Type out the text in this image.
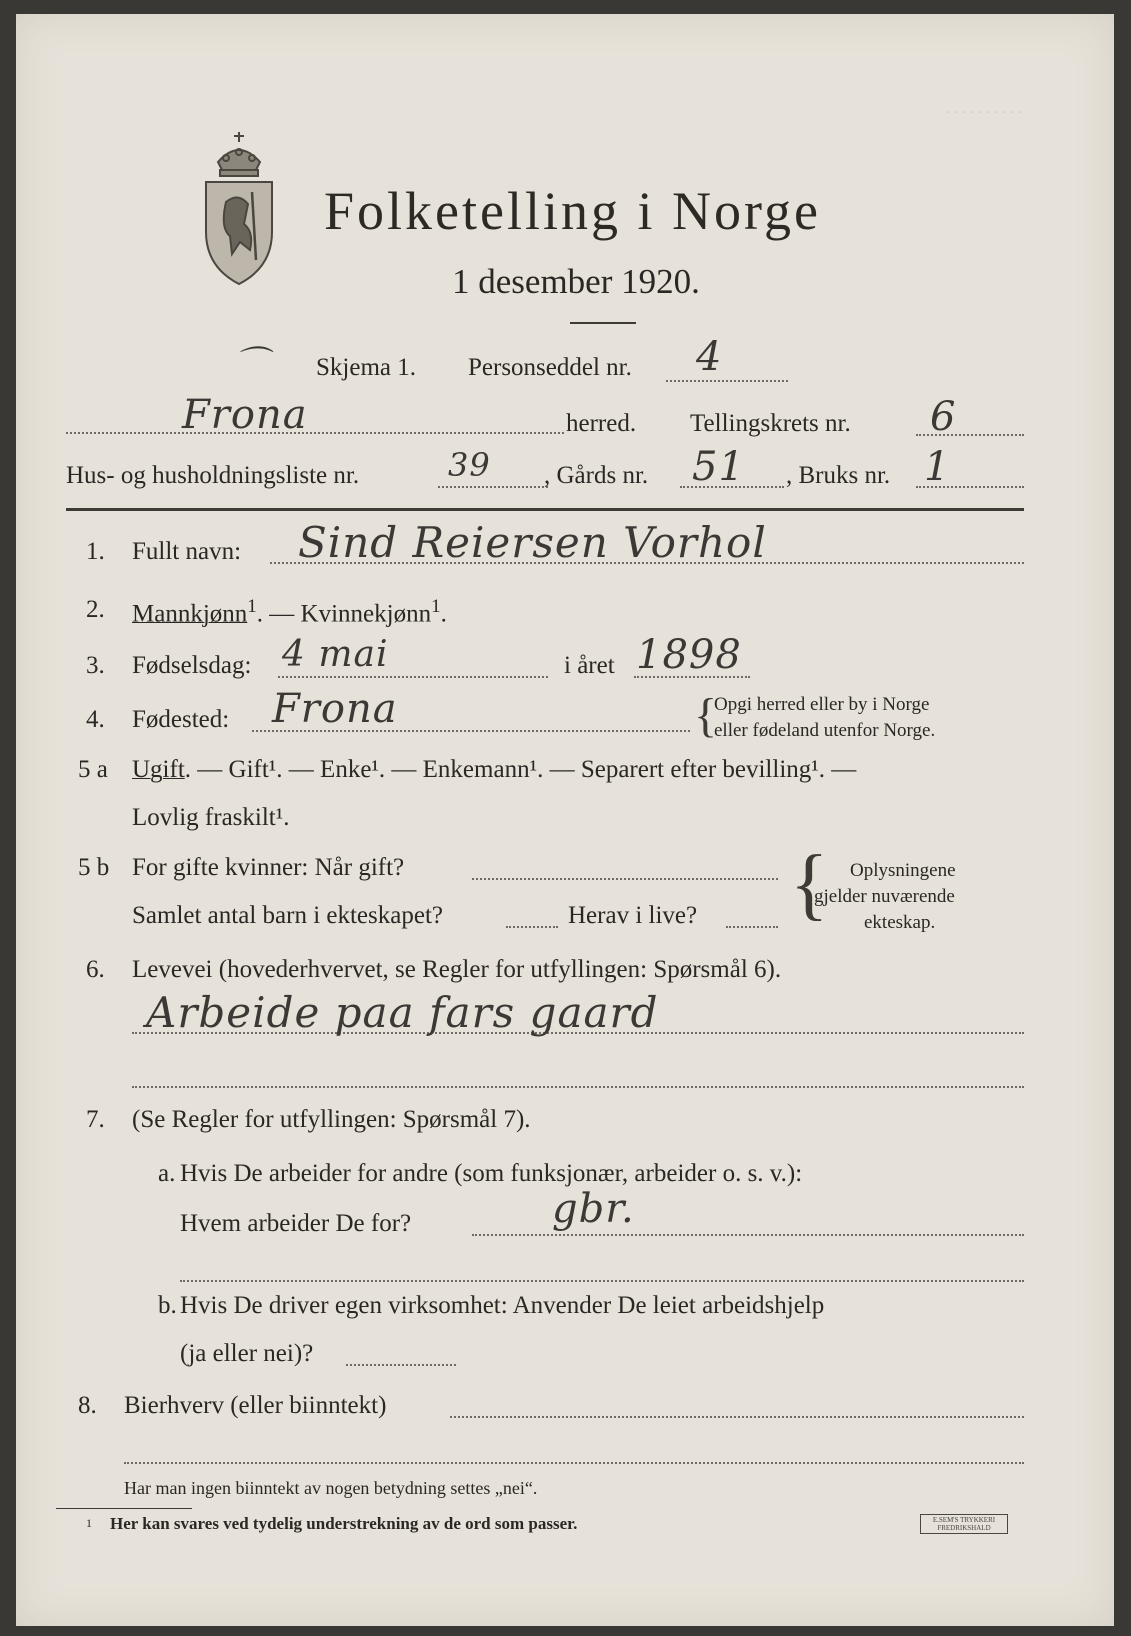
. . . . . . . . . .
Folketelling i Norge
1 desember 1920.
⌒ Skjema 1. Personseddel nr. 4
Frona	herred. Tellingskrets nr. 6
Hus- og husholdningsliste nr.	39 , Gårds nr. 51 , Bruks nr. 1
1. Fullt navn: Sind Reiersen Vorhol
2. Mannkjønn$^1$. — Kvinnekjønn$^1$.
3. Fødselsdag: 4 mai	i året 1898
4. Fødested: Frona	{
Opgi herred eller by i Norge
eller fødeland utenfor Norge.
5 a Ugift. — Gift¹. — Enke¹. — Enkemann¹. — Separert efter bevilling¹. —
Lovlig fraskilt¹.
5 b For gifte kvinner: Når gift?
Samlet antal barn i ekteskapet?	Herav i live? { Oplysningene
gjelder nuværende
ekteskap.
6. Levevei (hovederhvervet, se Regler for utfyllingen: Spørsmål 6).
Arbeide paa fars gaard
7. (Se Regler for utfyllingen: Spørsmål 7).
a. Hvis De arbeider for andre (som funksjonær, arbeider o. s. v.):
Hvem arbeider De for?	gbr.
b. Hvis De driver egen virksomhet: Anvender De leiet arbeidshjelp
(ja eller nei)?
8. Bierhverv (eller biinntekt)
Har man ingen biinntekt av nogen betydning settes „nei“.
1 Her kan svares ved tydelig understrekning av de ord som passer.	E.SEM'S TRYKKERI FREDRIKSHALD
